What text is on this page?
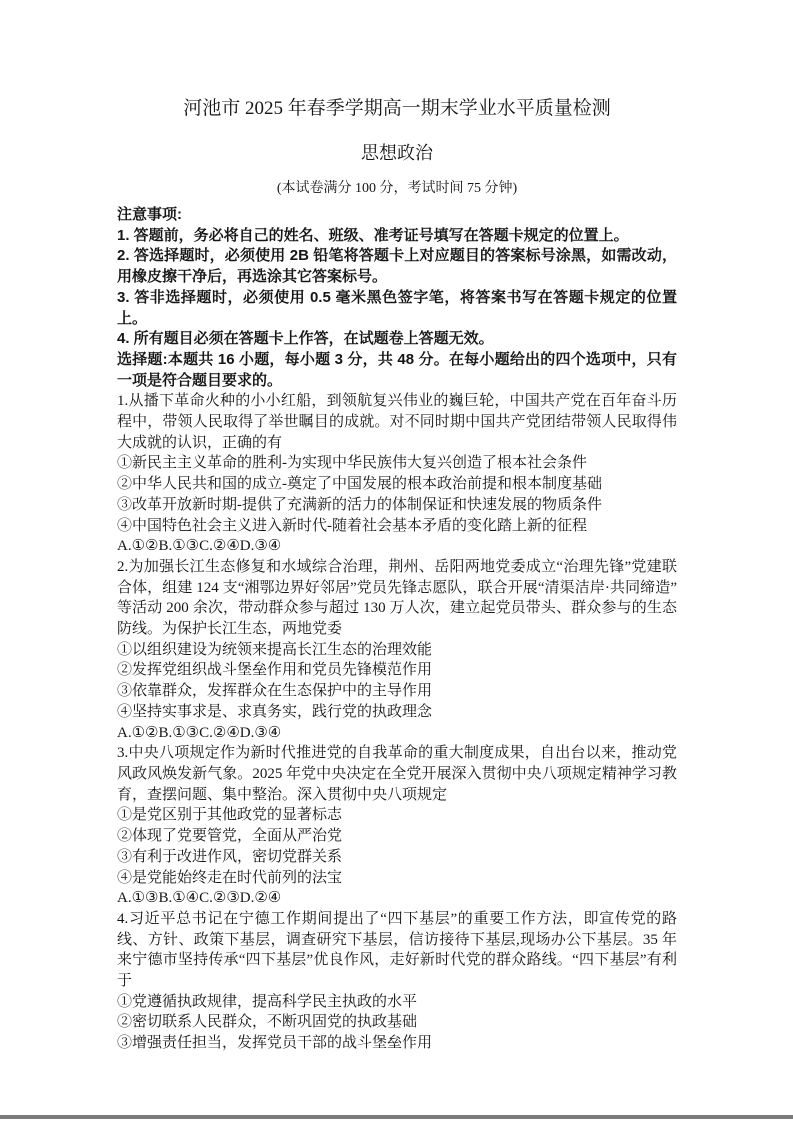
河池市 2025 年春季学期高一期末学业水平质量检测
思想政治
(本试卷满分 100 分，考试时间 75 分钟)

注意事项:

1. 答题前，务必将自己的姓名、班级、准考证号填写在答题卡规定的位置上。

2. 答选择题时，必须使用 2B 铅笔将答题卡上对应题目的答案标号涂黑，如需改动，用橡皮擦干净后，再选涂其它答案标号。

3. 答非选择题时，必须使用 0.5 毫米黑色签字笔，将答案书写在答题卡规定的位置上。

4. 所有题目必须在答题卡上作答，在试题卷上答题无效。

选择题:本题共 16 小题，每小题 3 分，共 48 分。在每小题给出的四个选项中，只有一项是符合题目要求的。

1.从播下革命火种的小小红船，到领航复兴伟业的巍巨轮，中国共产党在百年奋斗历程中，带领人民取得了举世瞩目的成就。对不同时期中国共产党团结带领人民取得伟大成就的认识，正确的有

①新民主主义革命的胜利-为实现中华民族伟大复兴创造了根本社会条件

②中华人民共和国的成立-奠定了中国发展的根本政治前提和根本制度基础

③改革开放新时期-提供了充满新的活力的体制保证和快速发展的物质条件

④中国特色社会主义进入新时代-随着社会基本矛盾的变化踏上新的征程

A.①②B.①③C.②④D.③④

2.为加强长江生态修复和水域综合治理，荆州、岳阳两地党委成立“治理先锋”党建联合体，组建 124 支“湘鄂边界好邻居”党员先锋志愿队，联合开展“清渠洁岸·共同缔造”等活动 200 余次，带动群众参与超过 130 万人次，建立起党员带头、群众参与的生态防线。为保护长江生态，两地党委

①以组织建设为统领来提高长江生态的治理效能

②发挥党组织战斗堡垒作用和党员先锋模范作用

③依靠群众，发挥群众在生态保护中的主导作用

④坚持实事求是、求真务实，践行党的执政理念

A.①②B.①③C.②④D.③④

3.中央八项规定作为新时代推进党的自我革命的重大制度成果，自出台以来，推动党风政风焕发新气象。2025 年党中央决定在全党开展深入贯彻中央八项规定精神学习教育，查摆问题、集中整治。深入贯彻中央八项规定

①是党区别于其他政党的显著标志

②体现了党要管党，全面从严治党

③有利于改进作风，密切党群关系

④是党能始终走在时代前列的法宝

A.①③B.①④C.②③D.②④

4.习近平总书记在宁德工作期间提出了“四下基层”的重要工作方法，即宣传党的路线、方针、政策下基层，调查研究下基层，信访接待下基层,现场办公下基层。35 年来宁德市坚持传承“四下基层”优良作风，走好新时代党的群众路线。“四下基层”有利于

①党遵循执政规律，提高科学民主执政的水平

②密切联系人民群众，不断巩固党的执政基础

③增强责任担当，发挥党员干部的战斗堡垒作用
